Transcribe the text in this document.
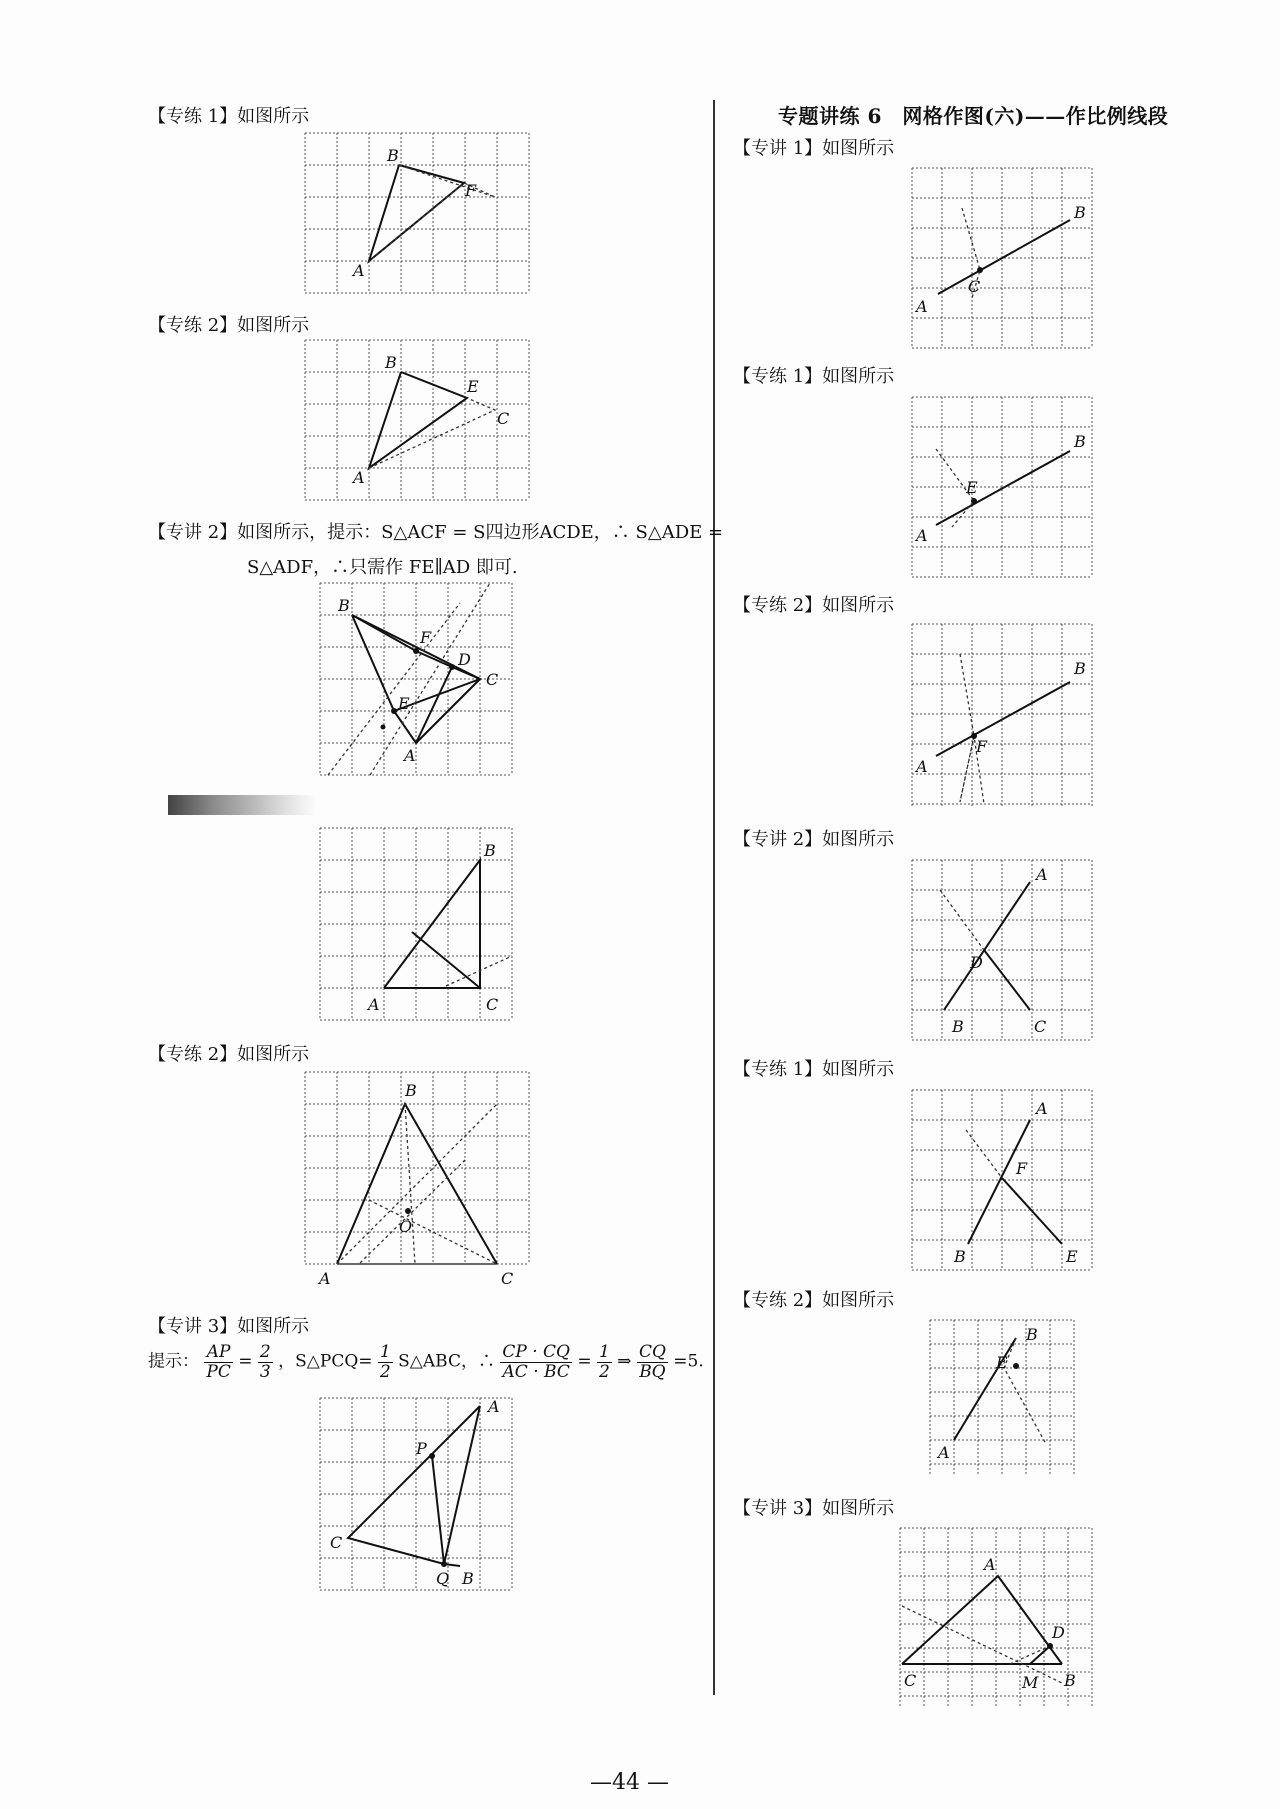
【专练 1】如图所示
B
F
A
【专练 2】如图所示
B
E
C
A
【专讲 2】如图所示，提示：S△ACF = S四边形ACDE，∴ S△ADE =
S△ADF，∴只需作 FE∥AD 即可.
B
F
D
C
E
A
B
A	C
【专练 2】如图所示
B
O
A	C
【专讲 3】如图所示
提示： $\frac{AP}{PC} = \frac{2}{3}$ ，S△PCQ= $\frac{1}{2}$ S△ABC，∴ $\frac{CP \cdot CQ}{AC \cdot BC} = \frac{1}{2}$ ⇒ $\frac{CQ}{BQ} =5$.
A
P
C
Q B
专题讲练 6　网格作图(六)——作比例线段
【专讲 1】如图所示
B
C
A
【专练 1】如图所示
B
E
A
【专练 2】如图所示
B
F
A
【专讲 2】如图所示
A
D
B	C
【专练 1】如图所示
A
F
B	E
【专练 2】如图所示
B
E
A
【专讲 3】如图所示
A
D
C	M B
—44 —
